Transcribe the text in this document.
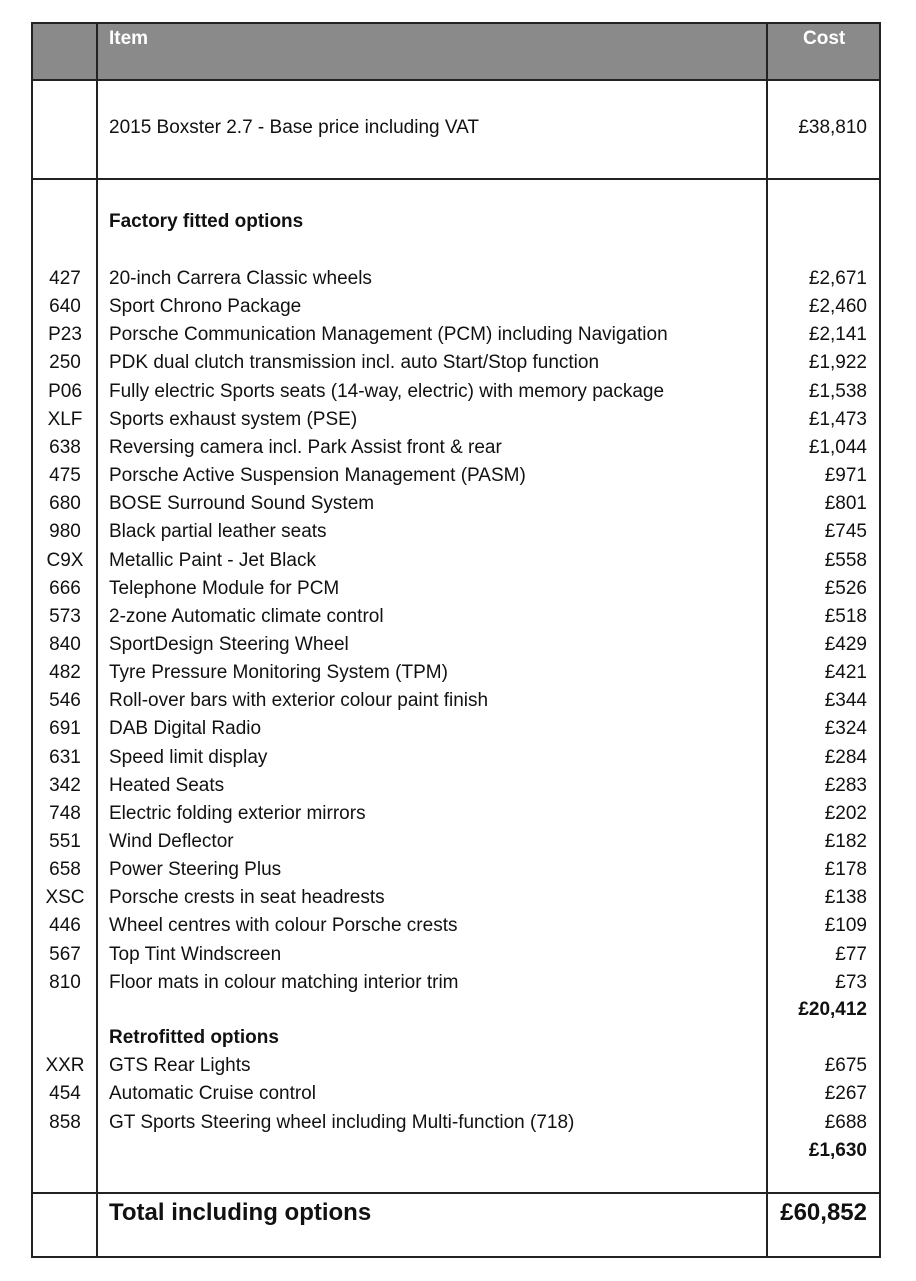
Item	Cost
2015 Boxster 2.7 - Base price including VAT	£38,810
Factory fitted options
427	20-inch Carrera Classic wheels	£2,671
640	Sport Chrono Package	£2,460
P23	Porsche Communication Management (PCM) including Navigation	£2,141
250	PDK dual clutch transmission incl. auto Start/Stop function	£1,922
P06	Fully electric Sports seats (14-way, electric) with memory package	£1,538
XLF	Sports exhaust system (PSE)	£1,473
638	Reversing camera incl. Park Assist front & rear	£1,044
475	Porsche Active Suspension Management (PASM)	£971
680	BOSE Surround Sound System	£801
980	Black partial leather seats	£745
C9X	Metallic Paint - Jet Black	£558
666	Telephone Module for PCM	£526
573	2-zone Automatic climate control	£518
840	SportDesign Steering Wheel	£429
482	Tyre Pressure Monitoring System (TPM)	£421
546	Roll-over bars with exterior colour paint finish	£344
691	DAB Digital Radio	£324
631	Speed limit display	£284
342	Heated Seats	£283
748	Electric folding exterior mirrors	£202
551	Wind Deflector	£182
658	Power Steering Plus	£178
XSC	Porsche crests in seat headrests	£138
446	Wheel centres with colour Porsche crests	£109
567	Top Tint Windscreen	£77
810	Floor mats in colour matching interior trim	£73
£20,412
Retrofitted options
XXR	GTS Rear Lights	£675
454	Automatic Cruise control	£267
858	GT Sports Steering wheel including Multi-function (718)	£688
£1,630
Total including options	£60,852
